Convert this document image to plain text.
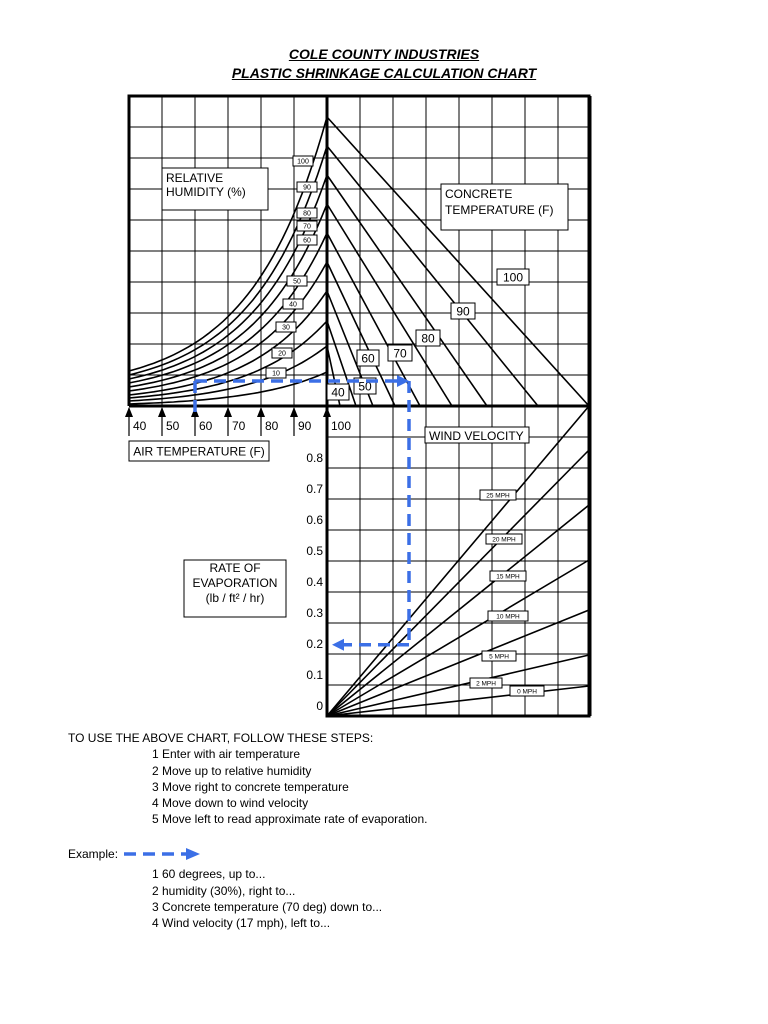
COLE COUNTY INDUSTRIES
PLASTIC SHRINKAGE CALCULATION CHART
100
90
80
70
60
50
40
30
20
10
100
90
80
70
60
50
40
25 MPH
20 MPH
15 MPH
10 MPH
5 MPH
2 MPH
0 MPH
40 50 60 70 80 90 100
AIR TEMPERATURE (F)
RELATIVE
HUMIDITY (%)	CONCRETE
TEMPERATURE (F)
WIND VELOCITY
0
0.1
0.2
0.3
0.4
0.5
0.6
0.7
0.8
RATE OF
EVAPORATION
(lb / ft² / hr)
TO USE THE ABOVE CHART, FOLLOW THESE STEPS:
1 Enter with air temperature
2 Move up to relative humidity
3 Move right to concrete temperature
4 Move down to wind velocity
5 Move left to read approximate rate of evaporation.
Example:
1 60 degrees, up to...
2 humidity (30%), right to...
3 Concrete temperature (70 deg) down to...
4 Wind velocity (17 mph), left to...
